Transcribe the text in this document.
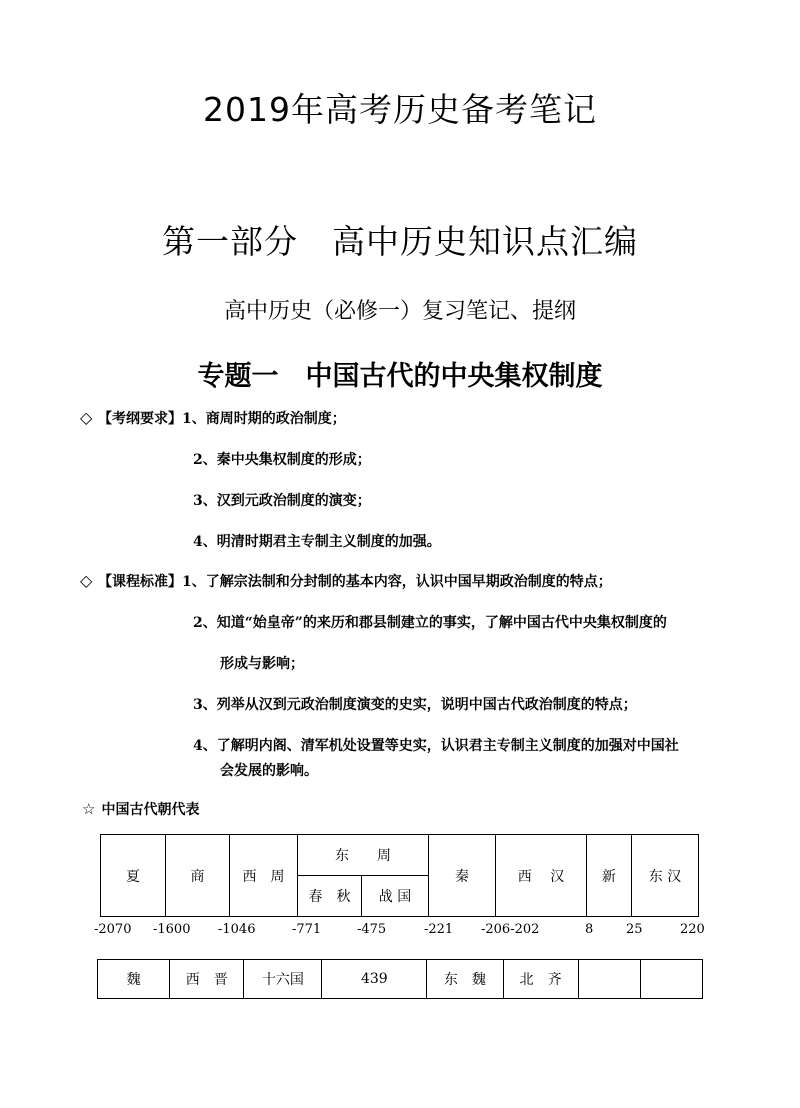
2019年高考历史备考笔记
第一部分　高中历史知识点汇编
高中历史（必修一）复习笔记、提纲
专题一　中国古代的中央集权制度
◇ 【考纲要求】1、商周时期的政治制度；
2、秦中央集权制度的形成；
3、汉到元政治制度的演变；
4、明清时期君主专制主义制度的加强。
◇ 【课程标准】1、了解宗法制和分封制的基本内容，认识中国早期政治制度的特点；
2、知道“始皇帝”的来历和郡县制建立的事实，了解中国古代中央集权制度的
形成与影响；
3、列举从汉到元政治制度演变的史实，说明中国古代政治制度的特点；
4、了解明内阁、清军机处设置等史实，认识君主专制主义制度的加强对中国社
会发展的影响。
☆ 中国古代朝代表
夏	商	西　周	东　　周		秦	西　 汉	新	东 汉
			春　秋	战 国				
-2070 -1600 -1046	-771	-475	-221 -206-202	8	25	220
魏	西　晋	十六国	439	东　魏	北　齐		
